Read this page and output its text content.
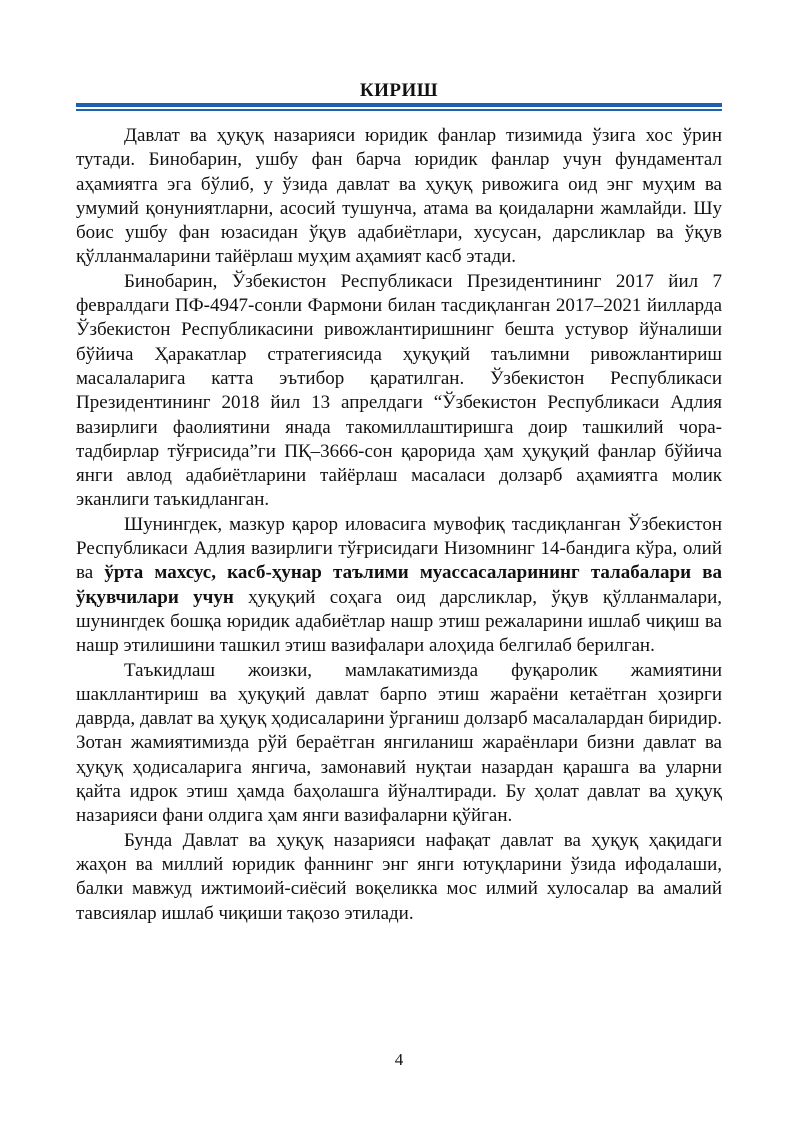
КИРИШ

Давлат ва ҳуқуқ назарияси юридик фанлар тизимида ўзига хос ўрин тутади. Бинобарин, ушбу фан барча юридик фанлар учун фундаментал аҳамиятга эга бўлиб, у ўзида давлат ва ҳуқуқ ривожига оид энг муҳим ва умумий қонуниятларни, асосий тушунча, атама ва қоидаларни жамлайди. Шу боис ушбу фан юзасидан ўқув адабиётлари, хусусан, дарсликлар ва ўқув қўлланмаларини тайёрлаш муҳим аҳамият касб этади.

Бинобарин, Ўзбекистон Республикаси Президентининг 2017 йил 7 февралдаги ПФ-4947-сонли Фармони билан тасдиқланган 2017–2021 йилларда Ўзбекистон Республикасини ривожлантиришнинг бешта устувор йўналиши бўйича Ҳаракатлар стратегиясида ҳуқуқий таълимни ривожлантириш масалаларига катта эътибор қаратилган. Ўзбекистон Республикаси Президентининг 2018 йил 13 апрелдаги “Ўзбекистон Республикаси Адлия вазирлиги фаолиятини янада такомиллаштиришга доир ташкилий чора-тадбирлар тўғрисида”ги ПҚ–3666-сон қарорида ҳам ҳуқуқий фанлар бўйича янги авлод адабиётларини тайёрлаш масаласи долзарб аҳамиятга молик эканлиги таъкидланган.

Шунингдек, мазкур қарор иловасига мувофиқ тасдиқланган Ўзбекистон Республикаси Адлия вазирлиги тўғрисидаги Низомнинг 14-бандига кўра, олий ва ўрта махсус, касб-ҳунар таълими муассасаларининг талабалари ва ўқувчилари учун ҳуқуқий соҳага оид дарсликлар, ўқув қўлланмалари, шунингдек бошқа юридик адабиётлар нашр этиш режаларини ишлаб чиқиш ва нашр этилишини ташкил этиш вазифалари алоҳида белгилаб берилган.

Таъкидлаш жоизки, мамлакатимизда фуқаролик жамиятини шакллантириш ва ҳуқуқий давлат барпо этиш жараёни кетаётган ҳозирги даврда, давлат ва ҳуқуқ ҳодисаларини ўрганиш долзарб масалалардан биридир. Зотан жамиятимизда рўй бераётган янгиланиш жараёнлари бизни давлат ва ҳуқуқ ҳодисаларига янгича, замонавий нуқтаи назардан қарашга ва уларни қайта идрок этиш ҳамда баҳолашга йўналтиради. Бу ҳолат давлат ва ҳуқуқ назарияси фани олдига ҳам янги вазифаларни қўйган.

Бунда Давлат ва ҳуқуқ назарияси нафақат давлат ва ҳуқуқ ҳақидаги жаҳон ва миллий юридик фаннинг энг янги ютуқларини ўзида ифодалаши, балки мавжуд ижтимоий-сиёсий воқеликка мос илмий хулосалар ва амалий тавсиялар ишлаб чиқиши тақозо этилади.

4
